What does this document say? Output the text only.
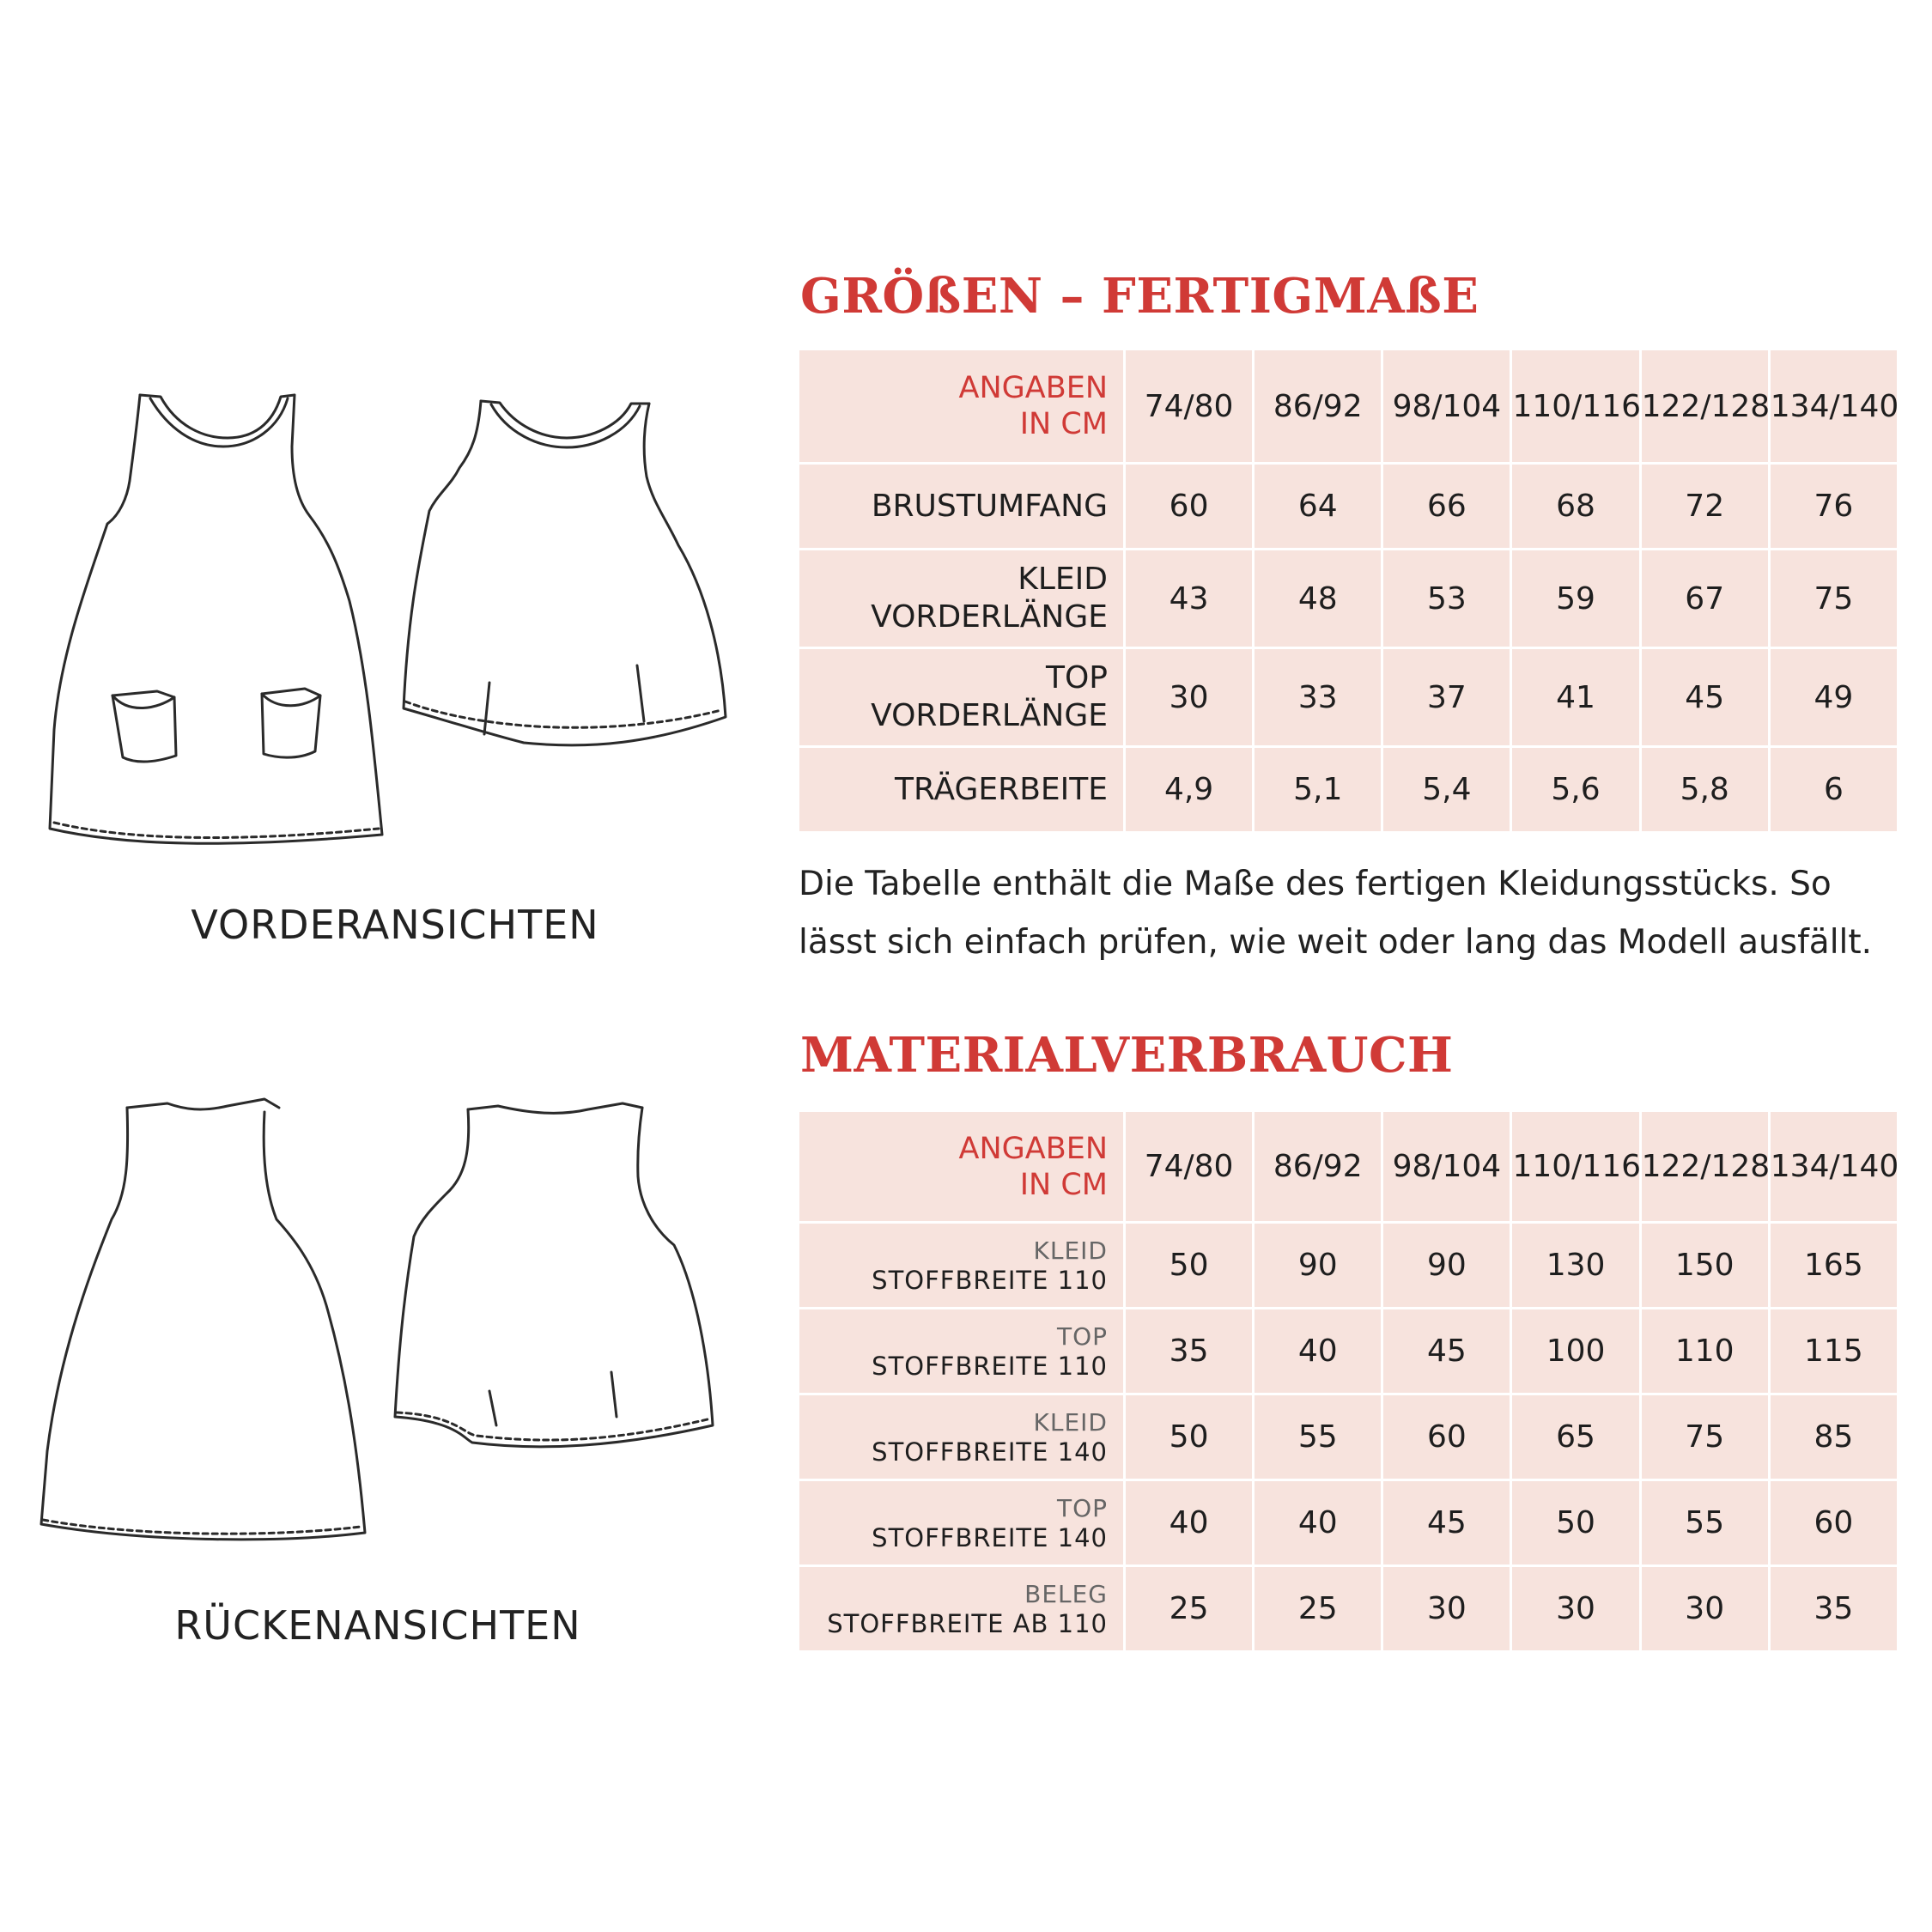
VORDERANSICHTEN
RÜCKENANSICHTEN
GRÖßEN – FERTIGMAßE
ANGABEN
IN CM	74/80	86/92	98/104	110/116	122/128	134/140

BRUSTUMFANG	60	64	66	68	72	76

KLEID
VORDERLÄNGE	43	48	53	59	67	75

TOP
VORDERLÄNGE	30	33	37	41	45	49

TRÄGERBEITE	4,9	5,1	5,4	5,6	5,8	6
Die Tabelle enthält die Maße des fertigen Kleidungsstücks. So
lässt sich einfach prüfen, wie weit oder lang das Modell ausfällt.
MATERIALVERBRAUCH
ANGABEN
IN CM	74/80	86/92	98/104	110/116	122/128	134/140

KLEID
STOFFBREITE 110	50	90	90	130	150	165

TOP
STOFFBREITE 110	35	40	45	100	110	115

KLEID
STOFFBREITE 140	50	55	60	65	75	85

TOP
STOFFBREITE 140	40	40	45	50	55	60

BELEG
STOFFBREITE AB 110	25	25	30	30	30	35
